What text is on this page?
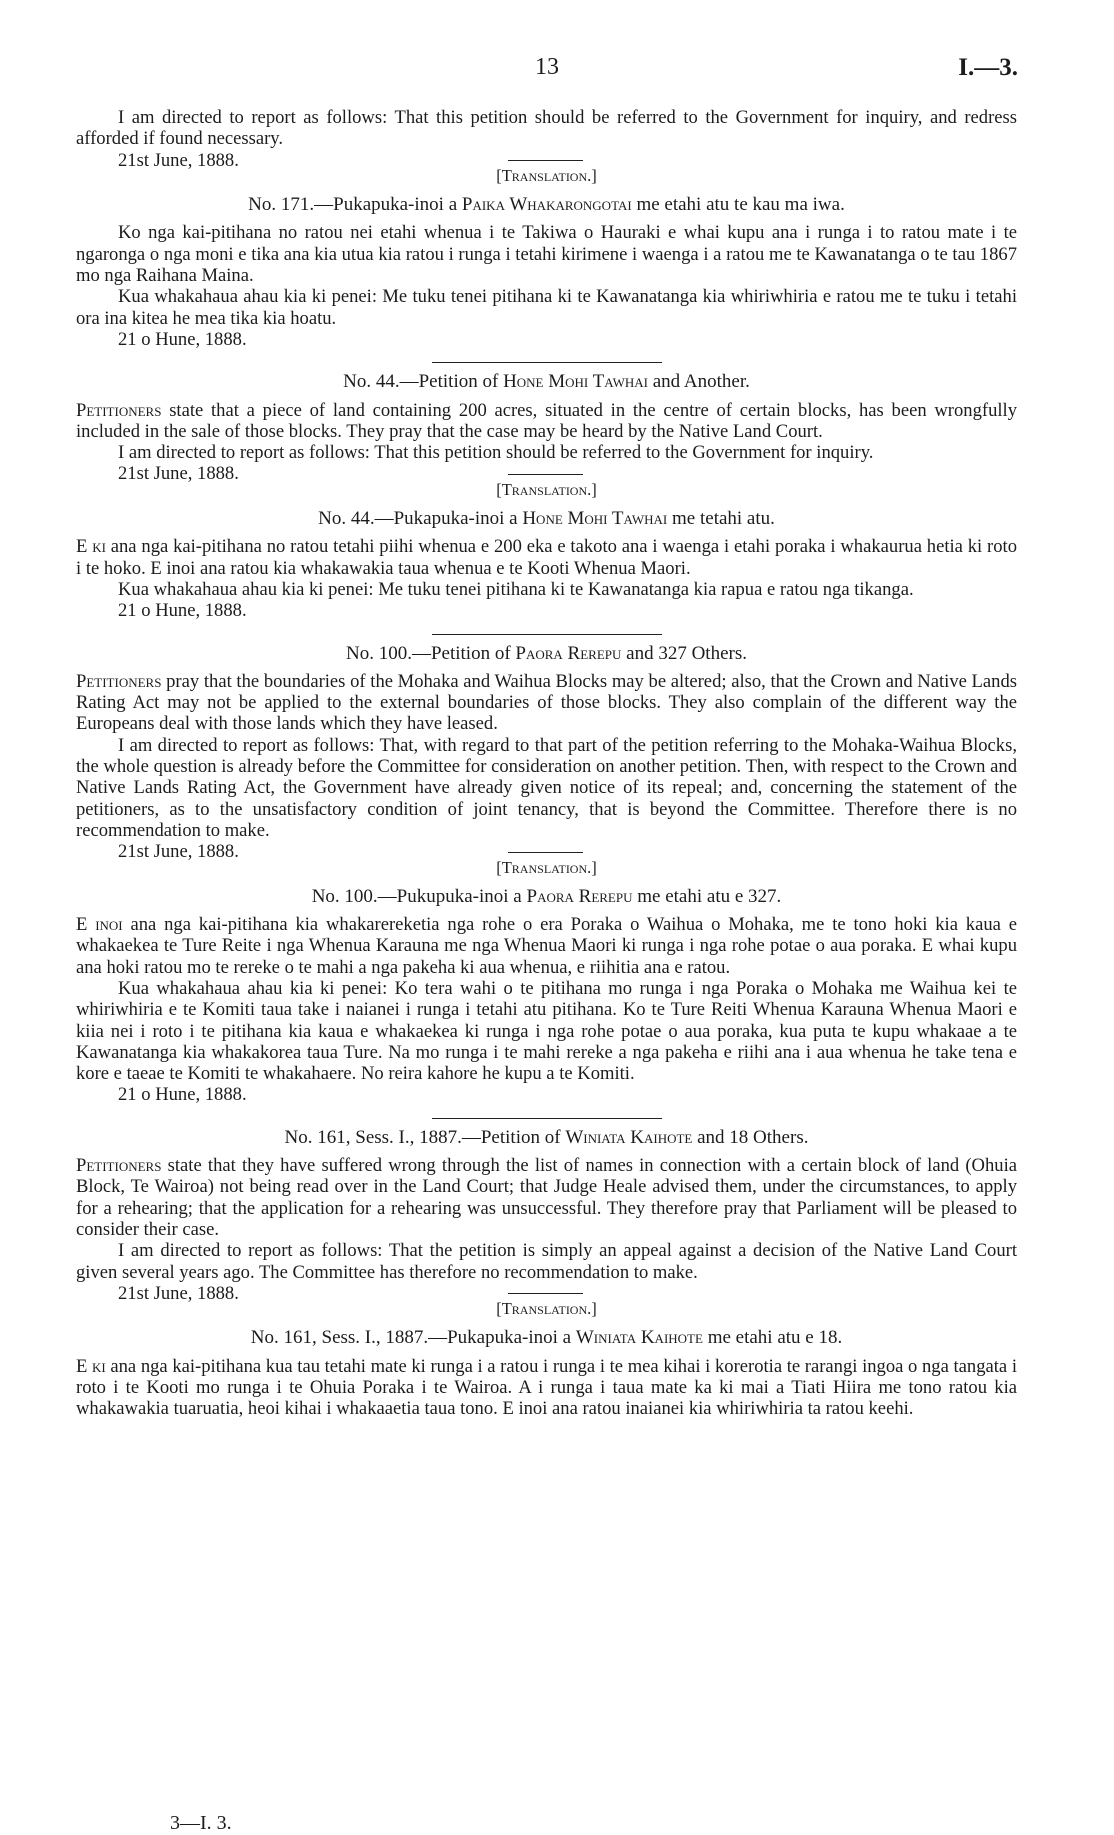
13	I.—3.

I am directed to report as follows: That this petition should be referred to the Government for inquiry, and redress afforded if found necessary.

21st June, 1888.

[Translation.]
No. 171.—Pukapuka-inoi a Paika Whakarongotai me etahi atu te kau ma iwa.

Ko nga kai-pitihana no ratou nei etahi whenua i te Takiwa o Hauraki e whai kupu ana i runga i to ratou mate i te ngaronga o nga moni e tika ana kia utua kia ratou i runga i tetahi kirimene i waenga i a ratou me te Kawanatanga o te tau 1867 mo nga Raihana Maina.

Kua whakahaua ahau kia ki penei: Me tuku tenei pitihana ki te Kawanatanga kia whiriwhiria e ratou me te tuku i tetahi ora ina kitea he mea tika kia hoatu.

21 o Hune, 1888.

No. 44.—Petition of Hone Mohi Tawhai and Another.

Petitioners state that a piece of land containing 200 acres, situated in the centre of certain blocks, has been wrongfully included in the sale of those blocks. They pray that the case may be heard by the Native Land Court.

I am directed to report as follows: That this petition should be referred to the Government for inquiry.

21st June, 1888.

[Translation.]
No. 44.—Pukapuka-inoi a Hone Mohi Tawhai me tetahi atu.

E ki ana nga kai-pitihana no ratou tetahi piihi whenua e 200 eka e takoto ana i waenga i etahi poraka i whakaurua hetia ki roto i te hoko. E inoi ana ratou kia whakawakia taua whenua e te Kooti Whenua Maori.

Kua whakahaua ahau kia ki penei: Me tuku tenei pitihana ki te Kawanatanga kia rapua e ratou nga tikanga.

21 o Hune, 1888.

No. 100.—Petition of Paora Rerepu and 327 Others.

Petitioners pray that the boundaries of the Mohaka and Waihua Blocks may be altered; also, that the Crown and Native Lands Rating Act may not be applied to the external boundaries of those blocks. They also complain of the different way the Europeans deal with those lands which they have leased.

I am directed to report as follows: That, with regard to that part of the petition referring to the Mohaka-Waihua Blocks, the whole question is already before the Committee for consideration on another petition. Then, with respect to the Crown and Native Lands Rating Act, the Government have already given notice of its repeal; and, concerning the statement of the petitioners, as to the unsatisfactory condition of joint tenancy, that is beyond the Committee. Therefore there is no recommendation to make.

21st June, 1888.

[Translation.]
No. 100.—Pukupuka-inoi a Paora Rerepu me etahi atu e 327.

E inoi ana nga kai-pitihana kia whakarereketia nga rohe o era Poraka o Waihua o Mohaka, me te tono hoki kia kaua e whakaekea te Ture Reite i nga Whenua Karauna me nga Whenua Maori ki runga i nga rohe potae o aua poraka. E whai kupu ana hoki ratou mo te rereke o te mahi a nga pakeha ki aua whenua, e riihitia ana e ratou.

Kua whakahaua ahau kia ki penei: Ko tera wahi o te pitihana mo runga i nga Poraka o Mohaka me Waihua kei te whiriwhiria e te Komiti taua take i naianei i runga i tetahi atu pitihana. Ko te Ture Reiti Whenua Karauna Whenua Maori e kiia nei i roto i te pitihana kia kaua e whakaekea ki runga i nga rohe potae o aua poraka, kua puta te kupu whakaae a te Kawanatanga kia whakakorea taua Ture. Na mo runga i te mahi rereke a nga pakeha e riihi ana i aua whenua he take tena e kore e taeae te Komiti te whakahaere. No reira kahore he kupu a te Komiti.

21 o Hune, 1888.

No. 161, Sess. I., 1887.—Petition of Winiata Kaihote and 18 Others.

Petitioners state that they have suffered wrong through the list of names in connection with a certain block of land (Ohuia Block, Te Wairoa) not being read over in the Land Court; that Judge Heale advised them, under the circumstances, to apply for a rehearing; that the application for a rehearing was unsuccessful. They therefore pray that Parliament will be pleased to consider their case.

I am directed to report as follows: That the petition is simply an appeal against a decision of the Native Land Court given several years ago. The Committee has therefore no recommendation to make.

21st June, 1888.

[Translation.]
No. 161, Sess. I., 1887.—Pukapuka-inoi a Winiata Kaihote me etahi atu e 18.

E ki ana nga kai-pitihana kua tau tetahi mate ki runga i a ratou i runga i te mea kihai i korerotia te rarangi ingoa o nga tangata i roto i te Kooti mo runga i te Ohuia Poraka i te Wairoa. A i runga i taua mate ka ki mai a Tiati Hiira me tono ratou kia whakawakia tuaruatia, heoi kihai i whakaaetia taua tono. E inoi ana ratou inaianei kia whiriwhiria ta ratou keehi.

3—I. 3.
